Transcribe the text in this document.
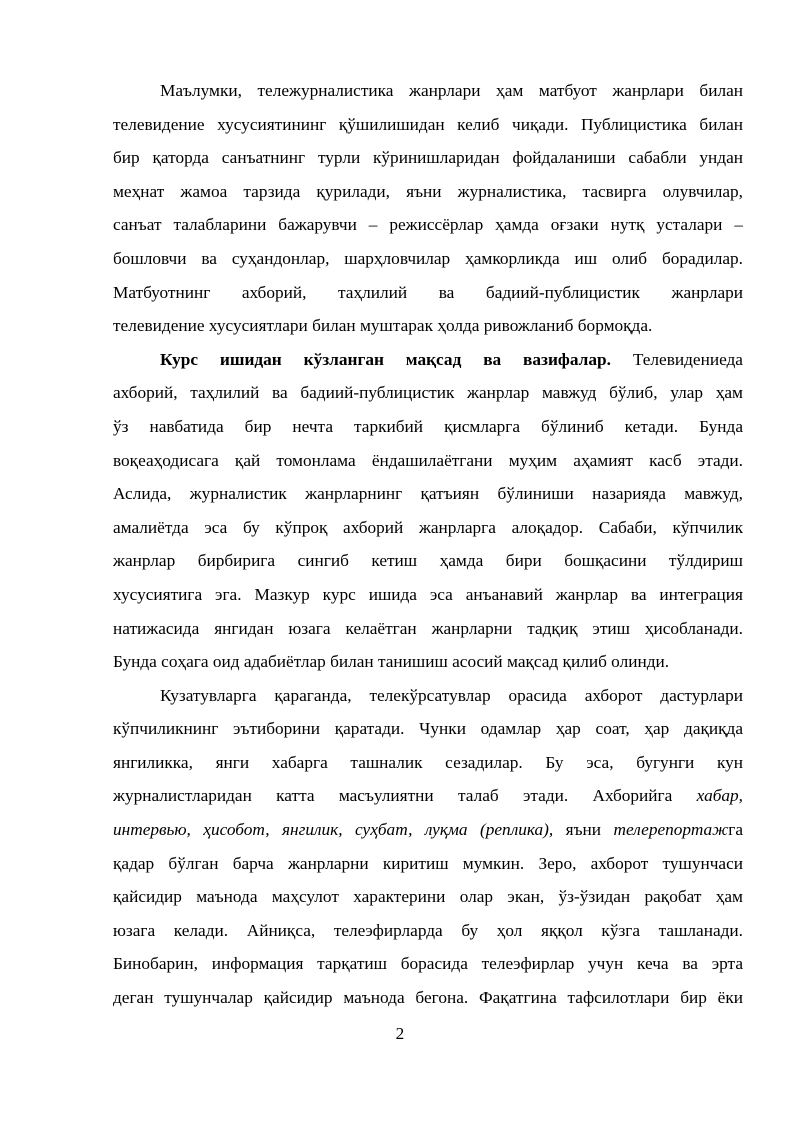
Маълумки, тележурналистика жанрлари ҳам матбуот жанрлари билан
телевидение хусусиятининг қўшилишидан келиб чиқади. Публицистика билан
бир қаторда санъатнинг турли кўринишларидан фойдаланиши сабабли ундан
меҳнат жамоа тарзида қурилади, яъни журналистика, тасвирга олувчилар,
санъат талабларини бажарувчи – режиссёрлар ҳамда оғзаки нутқ усталари –
бошловчи ва суҳандонлар, шарҳловчилар ҳамкорликда иш олиб борадилар.
Матбуотнинг ахборий, таҳлилий ва бадиий-публицистик жанрлари
телевидение хусусиятлари билан муштарак ҳолда ривожланиб бормоқда.
Курс ишидан кўзланган мақсад ва вазифалар. Телевидениеда
ахборий, таҳлилий ва бадиий-публицистик жанрлар мавжуд бўлиб, улар ҳам
ўз навбатида бир нечта таркибий қисмларга бўлиниб кетади. Бунда
воқеаҳодисага қай томонлама ёндашилаётгани муҳим аҳамият касб этади.
Аслида, журналистик жанрларнинг қатъиян бўлиниши назарияда мавжуд,
амалиётда эса бу кўпроқ ахборий жанрларга алоқадор. Сабаби, кўпчилик
жанрлар бирбирига сингиб кетиш ҳамда бири бошқасини тўлдириш
хусусиятига эга. Мазкур курс ишида эса анъанавий жанрлар ва интеграция
натижасида янгидан юзага келаётган жанрларни тадқиқ этиш ҳисобланади.
Бунда соҳага оид адабиётлар билан танишиш асосий мақсад қилиб олинди.
Кузатувларга қараганда, телекўрсатувлар орасида ахборот дастурлари
кўпчиликнинг эътиборини қаратади. Чунки одамлар ҳар соат, ҳар дақиқда
янгиликка, янги хабарга ташналик сезадилар. Бу эса, бугунги кун
журналистларидан катта масъулиятни талаб этади. Ахборийга хабар,
интервью, ҳисобот, янгилик, суҳбат, луқма (реплика), яъни телерепортажга
қадар бўлган барча жанрларни киритиш мумкин. Зеро, ахборот тушунчаси
қайсидир маънода маҳсулот характерини олар экан, ўз-ўзидан рақобат ҳам
юзага келади. Айниқса, телеэфирларда бу ҳол яққол кўзга ташланади.
Бинобарин, информация тарқатиш борасида телеэфирлар учун кеча ва эрта
деган тушунчалар қайсидир маънода бегона. Фақатгина тафсилотлари бир ёки
2
